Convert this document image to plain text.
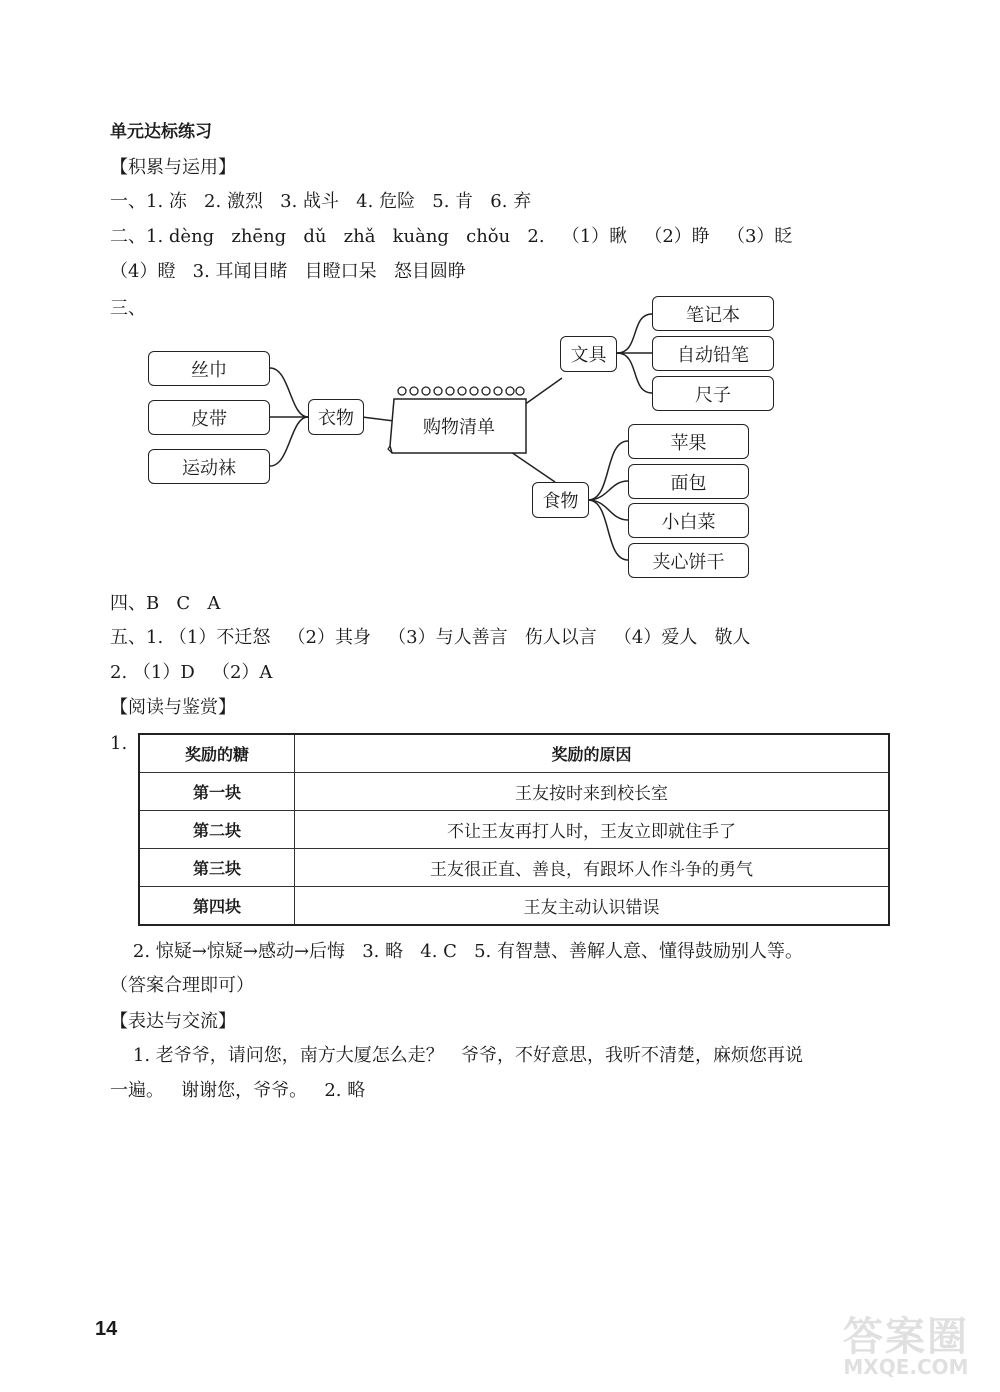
单元达标练习
【积累与运用】
一、1. 冻   2. 激烈   3. 战斗   4. 危险   5. 肯   6. 弃
二、1. dèng   zhēng   dǔ   zhǎ   kuàng   chǒu   2.   （1）瞅   （2）睁   （3）眨
（4）瞪   3. 耳闻目睹   目瞪口呆   怒目圆睁
三、
购物清单
衣物
丝巾
皮带
运动袜
文具
笔记本
自动铅笔
尺子
食物
苹果
面包
小白菜
夹心饼干
四、B   C   A
五、1. （1）不迁怒   （2）其身   （3）与人善言   伤人以言   （4）爱人   敬人
2. （1）D   （2）A
【阅读与鉴赏】
1.
奖励的糖	奖励的原因
第一块	王友按时来到校长室
第二块	不让王友再打人时，王友立即就住手了
第三块	王友很正直、善良，有跟坏人作斗争的勇气
第四块	王友主动认识错误
2. 惊疑→惊疑→感动→后悔   3. 略   4. C   5. 有智慧、善解人意、懂得鼓励别人等。
（答案合理即可）
【表达与交流】
1. 老爷爷，请问您，南方大厦怎么走？   爷爷，不好意思，我听不清楚，麻烦您再说
一遍。   谢谢您，爷爷。   2. 略
14	答案圈
MXQE.COM
